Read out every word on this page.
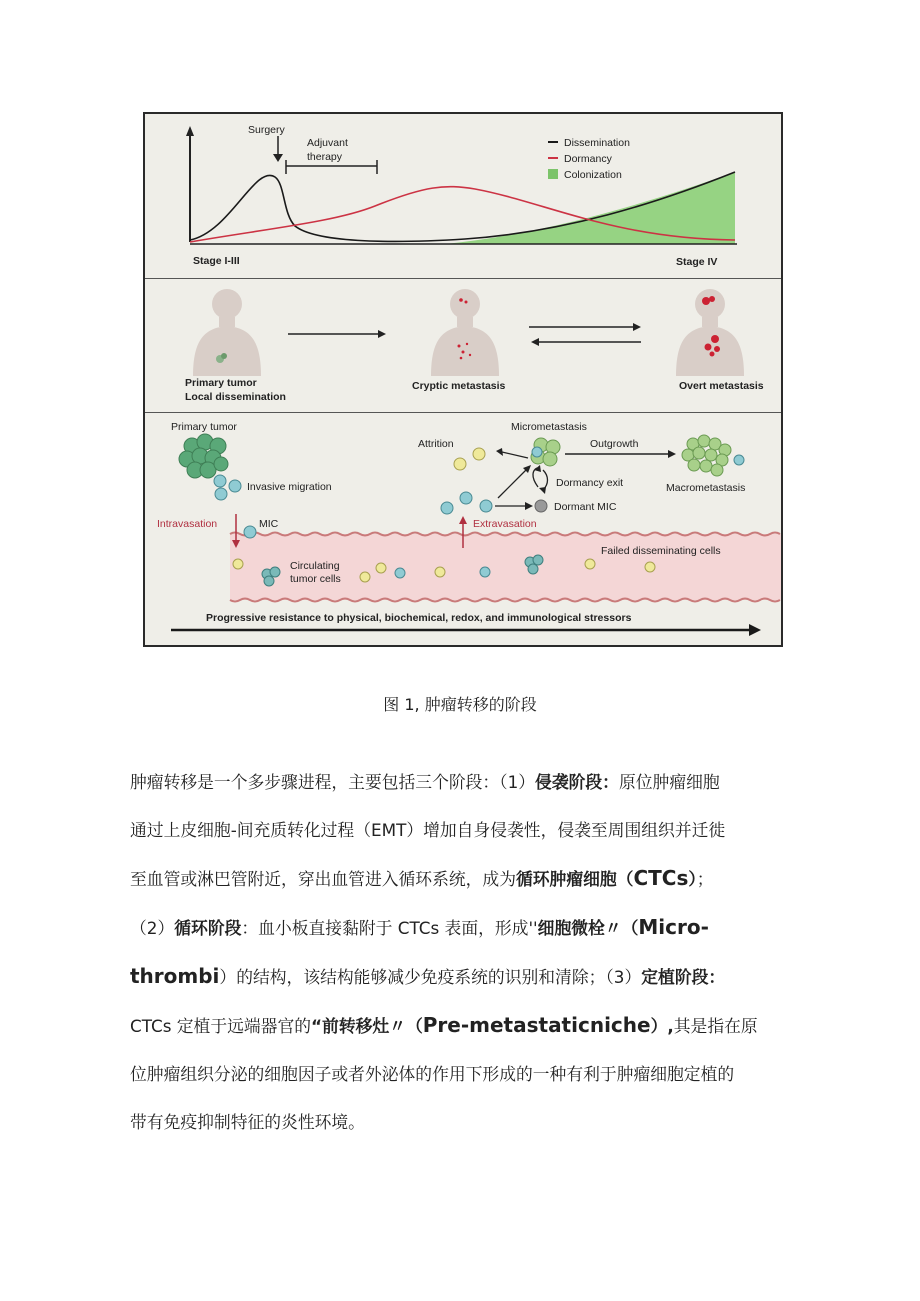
Surgery
Adjuvant
therapy
Dissemination
Dormancy
Colonization
Stage I-III	Stage IV
Primary tumor
Local dissemination
Cryptic metastasis	Overt metastasis
Primary tumor
Invasive migration
Intravasation	MIC
Circulating
tumor cells
Failed disseminating cells
Extravasation
Attrition
Micrometastasis
Outgrowth
Macrometastasis
Dormancy exit
Dormant MIC
Progressive resistance to physical, biochemical, redox, and immunological stressors
图 1, 肿瘤转移的阶段

肿瘤转移是一个多步骤进程，主要包括三个阶段：（1）侵袭阶段：原位肿瘤细胞

通过上皮细胞-间充质转化过程（EMT）增加自身侵袭性，侵袭至周围组织并迁徙

至血管或淋巴管附近，穿出血管进入循环系统，成为循环肿瘤细胞（CTCs）；

（2）循环阶段：血小板直接黏附于 CTCs 表面，形成''细胞微栓〃（Micro-

thrombi）的结构，该结构能够减少免疫系统的识别和清除；（3）定植阶段：

CTCs 定植于远端器官的“前转移灶〃（Pre-metastaticniche）,其是指在原

位肿瘤组织分泌的细胞因子或者外泌体的作用下形成的一种有利于肿瘤细胞定植的

带有免疫抑制特征的炎性环境。
